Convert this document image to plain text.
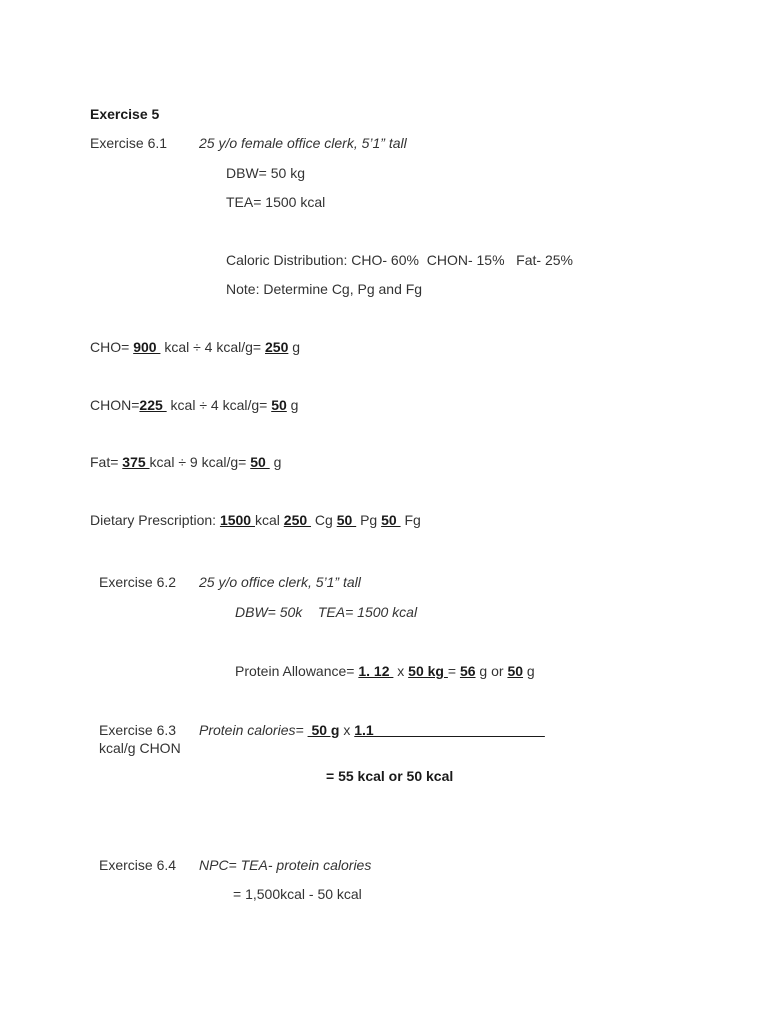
Exercise 5
Exercise 6.1 25 y/o female office clerk, 5’1” tall
DBW= 50 kg
TEA= 1500 kcal
Caloric Distribution: CHO- 60%  CHON- 15%   Fat- 25%
Note: Determine Cg, Pg and Fg
CHO= 900  kcal ÷ 4 kcal/g= 250 g
CHON=225  kcal ÷ 4 kcal/g= 50 g
Fat= 375 kcal ÷ 9 kcal/g= 50  g
Dietary Prescription: 1500 kcal 250  Cg 50  Pg 50  Fg
Exercise 6.2 25 y/o office clerk, 5’1” tall
DBW= 50k    TEA= 1500 kcal
Protein Allowance= 1. 12  x 50 kg = 56 g or 50 g
Exercise 6.3 Protein calories=  50 g x 1.1
kcal/g CHON
= 55 kcal or 50 kcal
Exercise 6.4 NPC= TEA- protein calories
= 1,500kcal - 50 kcal
